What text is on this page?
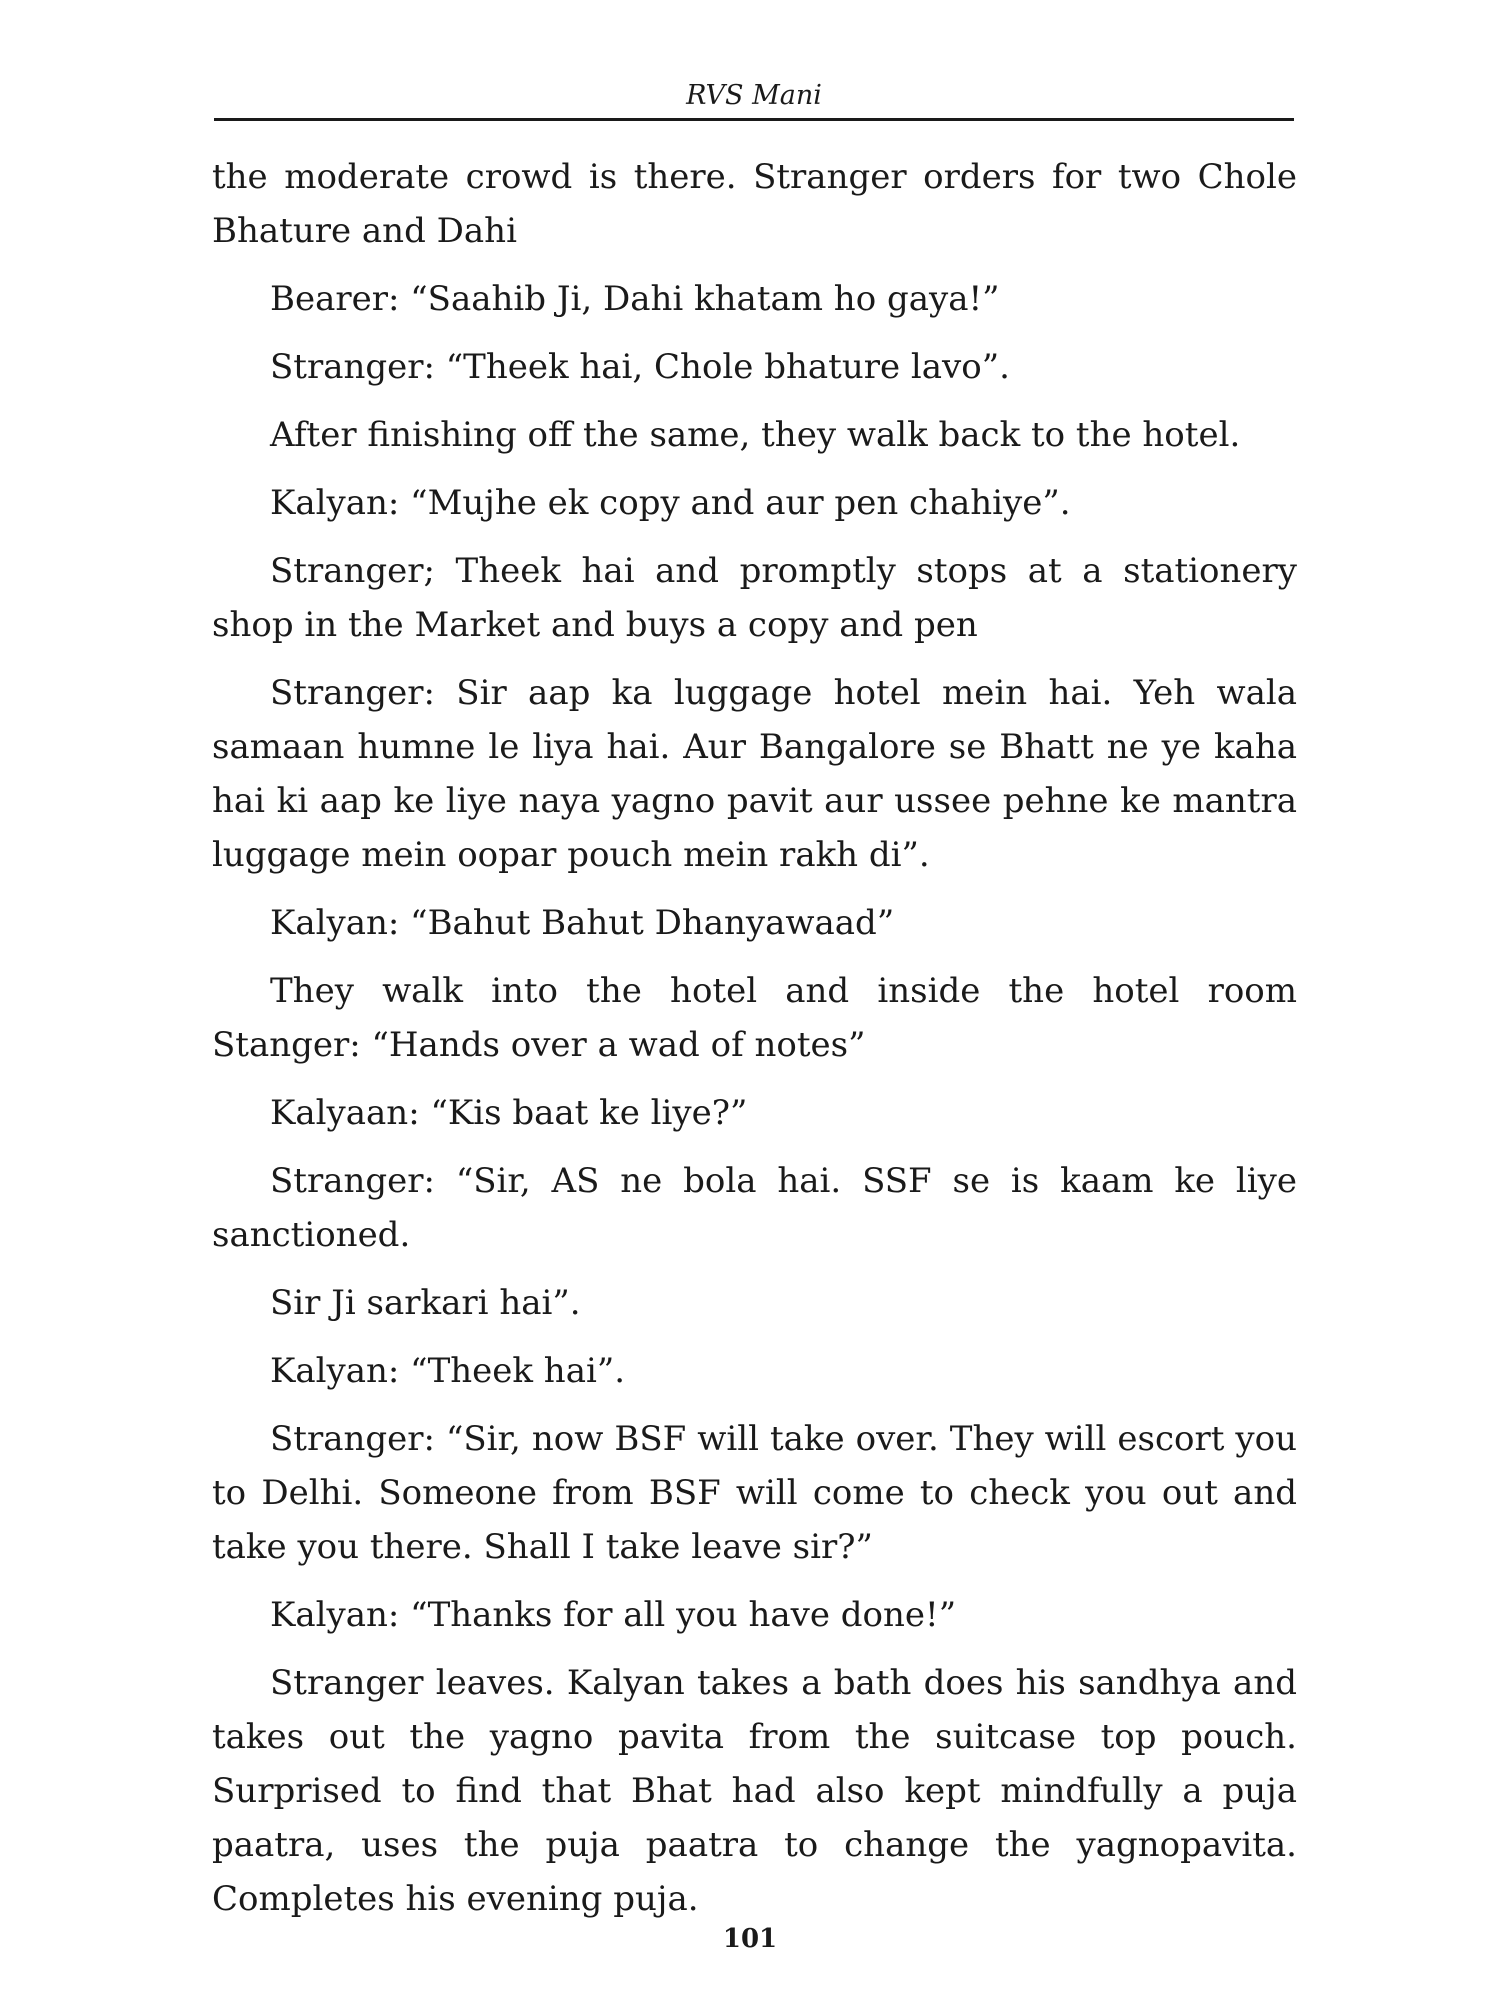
RVS Mani

the moderate crowd is there. Stranger orders for two Chole Bhature and Dahi

Bearer: “Saahib Ji, Dahi khatam ho gaya!”

Stranger: “Theek hai, Chole bhature lavo”.

After finishing off the same, they walk back to the hotel.

Kalyan: “Mujhe ek copy and aur pen chahiye”.

Stranger; Theek hai and promptly stops at a stationery shop in the Market and buys a copy and pen

Stranger: Sir aap ka luggage hotel mein hai. Yeh wala samaan humne le liya hai. Aur Bangalore se Bhatt ne ye kaha hai ki aap ke liye naya yagno pavit aur ussee pehne ke mantra luggage mein oopar pouch mein rakh di”.

Kalyan: “Bahut Bahut Dhanyawaad”

They walk into the hotel and inside the hotel room Stanger: “Hands over a wad of notes”

Kalyaan: “Kis baat ke liye?”

Stranger: “Sir, AS ne bola hai. SSF se is kaam ke liye sanctioned.

Sir Ji sarkari hai”.

Kalyan: “Theek hai”.

Stranger: “Sir, now BSF will take over. They will escort you to Delhi. Someone from BSF will come to check you out and take you there. Shall I take leave sir?”

Kalyan: “Thanks for all you have done!”

Stranger leaves. Kalyan takes a bath does his sandhya and takes out the yagno pavita from the suitcase top pouch. Surprised to find that Bhat had also kept mindfully a puja paatra, uses the puja paatra to change the yagnopavita. Completes his evening puja.

101
